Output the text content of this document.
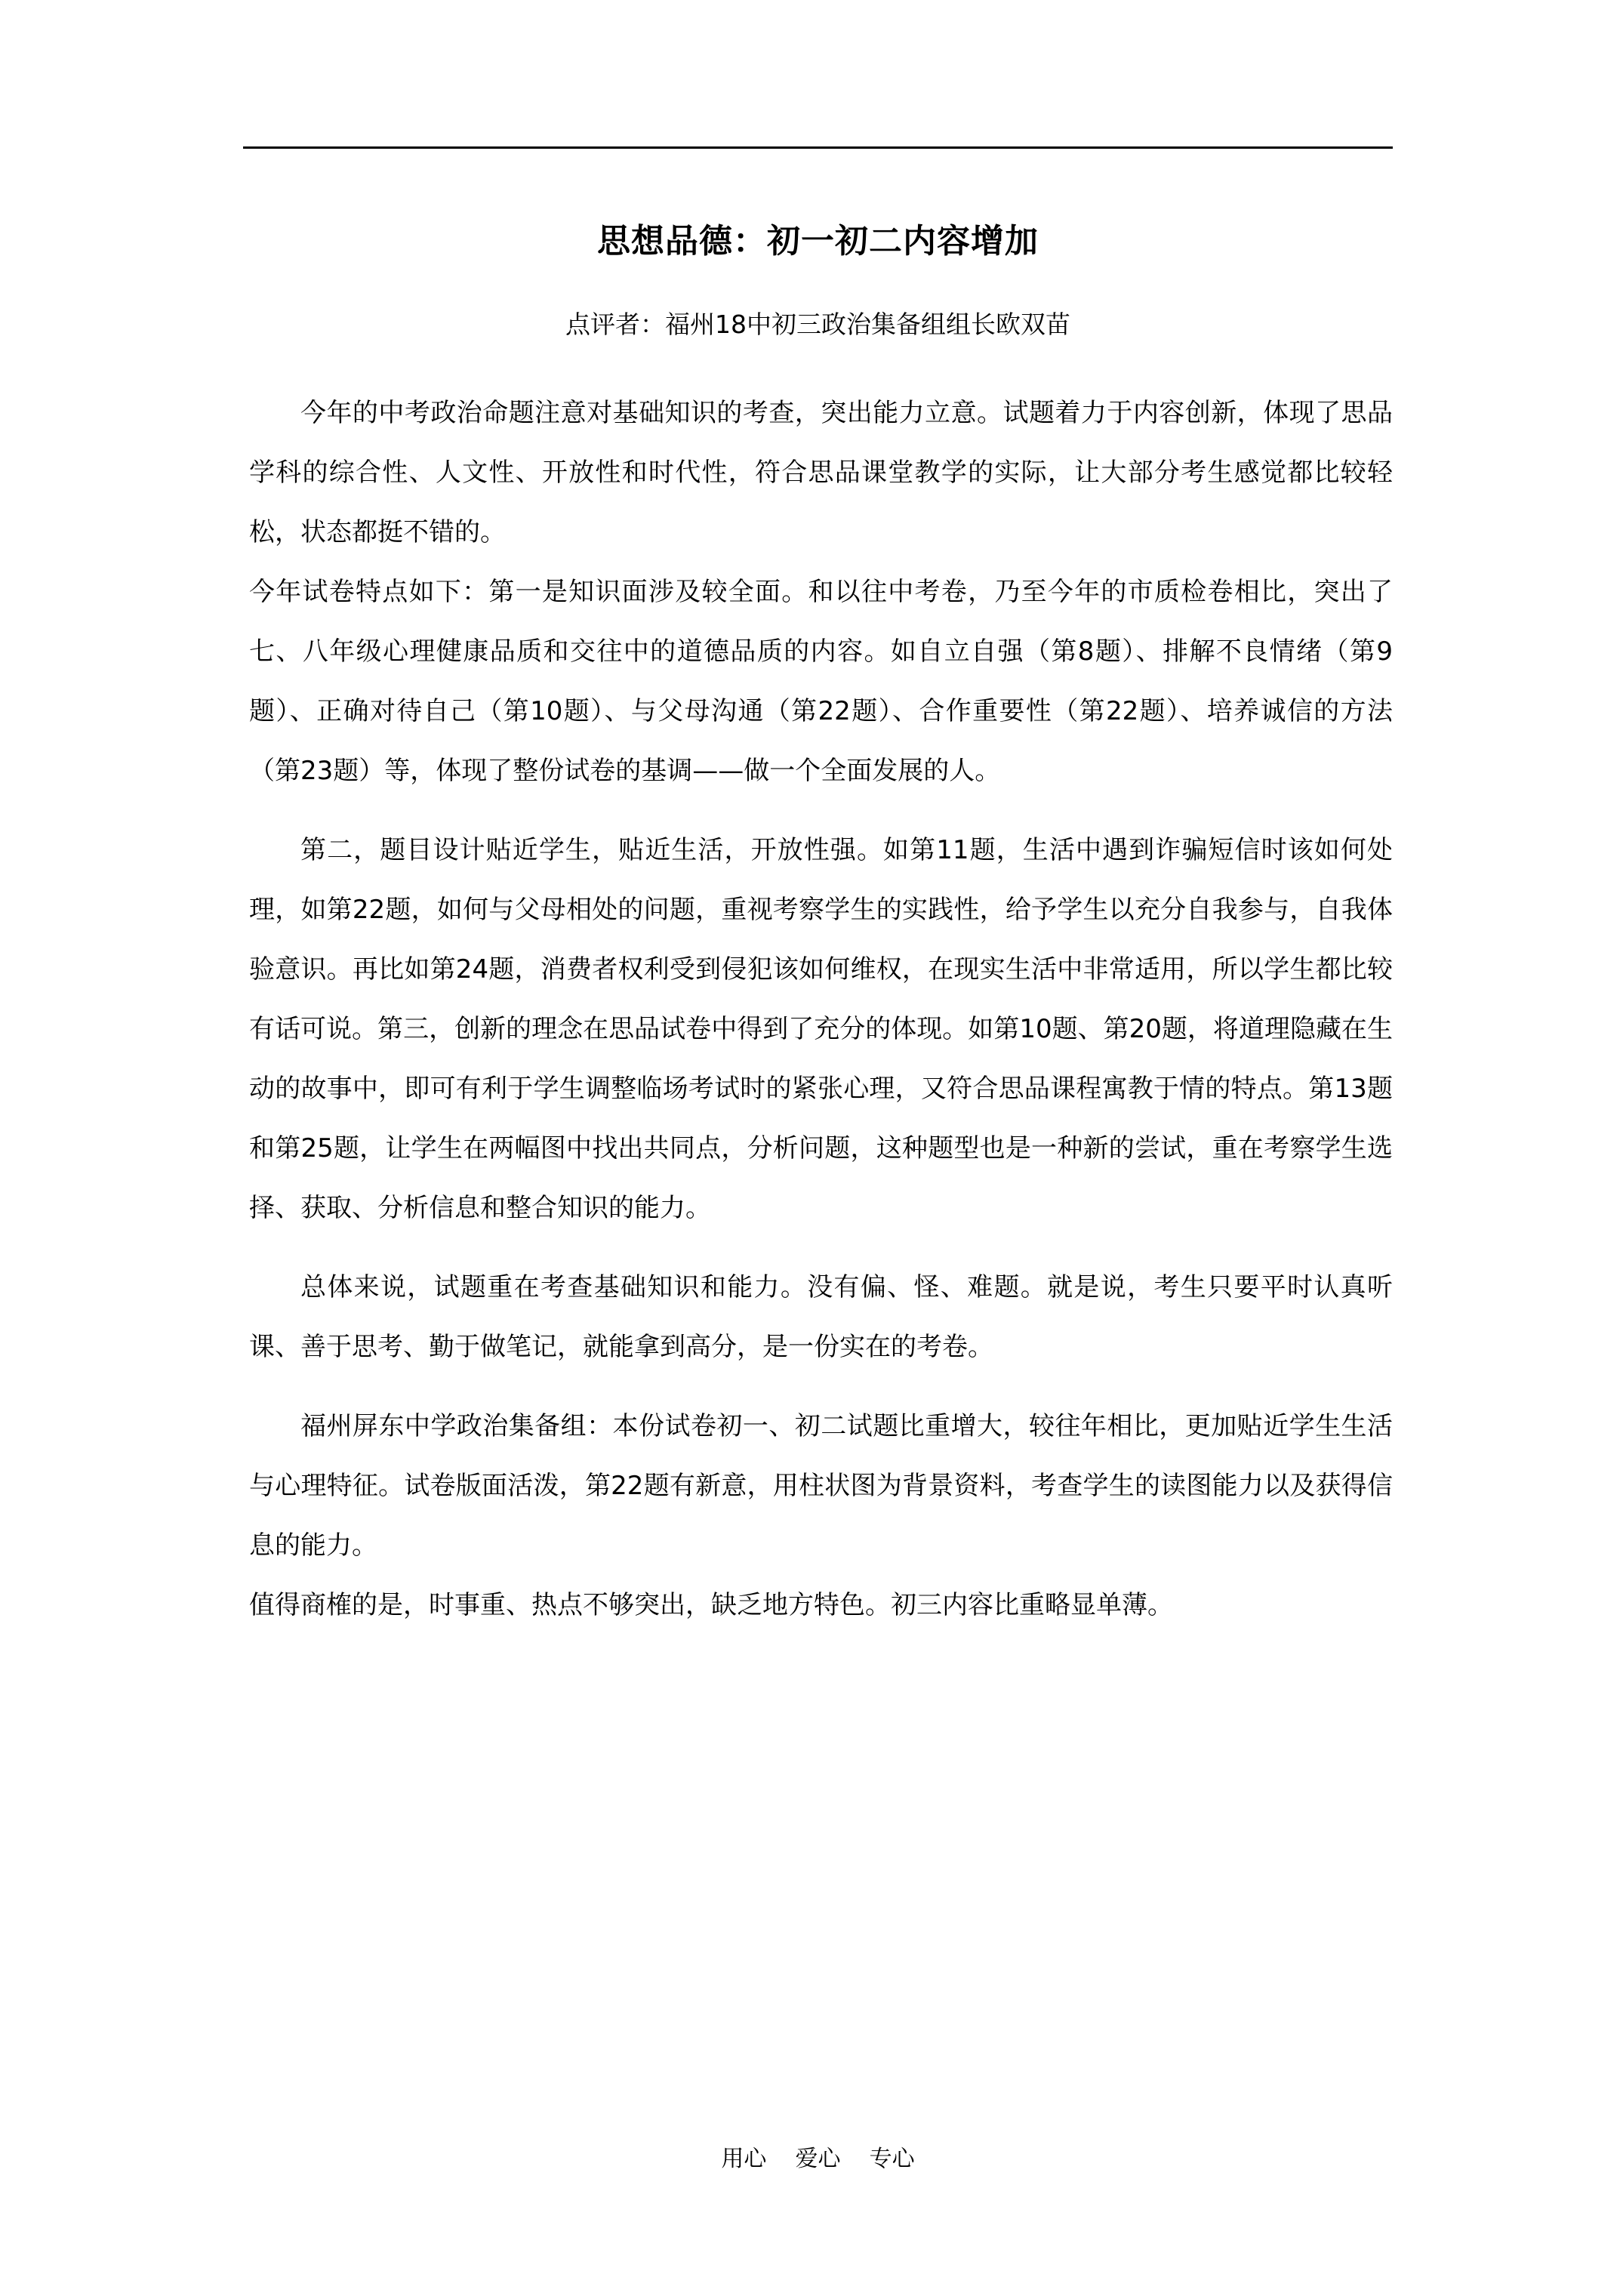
思想品德：初一初二内容增加
点评者：福州18中初三政治集备组组长欧双苗

今年的中考政治命题注意对基础知识的考查，突出能力立意。试题着力于内容创新，体现了思品学科的综合性、人文性、开放性和时代性，符合思品课堂教学的实际，让大部分考生感觉都比较轻松，状态都挺不错的。

今年试卷特点如下：第一是知识面涉及较全面。和以往中考卷，乃至今年的市质检卷相比，突出了七、八年级心理健康品质和交往中的道德品质的内容。如自立自强（第8题）、排解不良情绪（第9题）、正确对待自己（第10题）、与父母沟通（第22题）、合作重要性（第22题）、培养诚信的方法（第23题）等，体现了整份试卷的基调——做一个全面发展的人。

第二，题目设计贴近学生，贴近生活，开放性强。如第11题，生活中遇到诈骗短信时该如何处理，如第22题，如何与父母相处的问题，重视考察学生的实践性，给予学生以充分自我参与，自我体验意识。再比如第24题，消费者权利受到侵犯该如何维权，在现实生活中非常适用，所以学生都比较有话可说。第三，创新的理念在思品试卷中得到了充分的体现。如第10题、第20题，将道理隐藏在生动的故事中，即可有利于学生调整临场考试时的紧张心理，又符合思品课程寓教于情的特点。第13题和第25题，让学生在两幅图中找出共同点，分析问题，这种题型也是一种新的尝试，重在考察学生选择、获取、分析信息和整合知识的能力。

总体来说，试题重在考查基础知识和能力。没有偏、怪、难题。就是说，考生只要平时认真听课、善于思考、勤于做笔记，就能拿到高分，是一份实在的考卷。

福州屏东中学政治集备组：本份试卷初一、初二试题比重增大，较往年相比，更加贴近学生生活与心理特征。试卷版面活泼，第22题有新意，用柱状图为背景资料，考查学生的读图能力以及获得信息的能力。

值得商榷的是，时事重、热点不够突出，缺乏地方特色。初三内容比重略显单薄。

用心    爱心    专心
